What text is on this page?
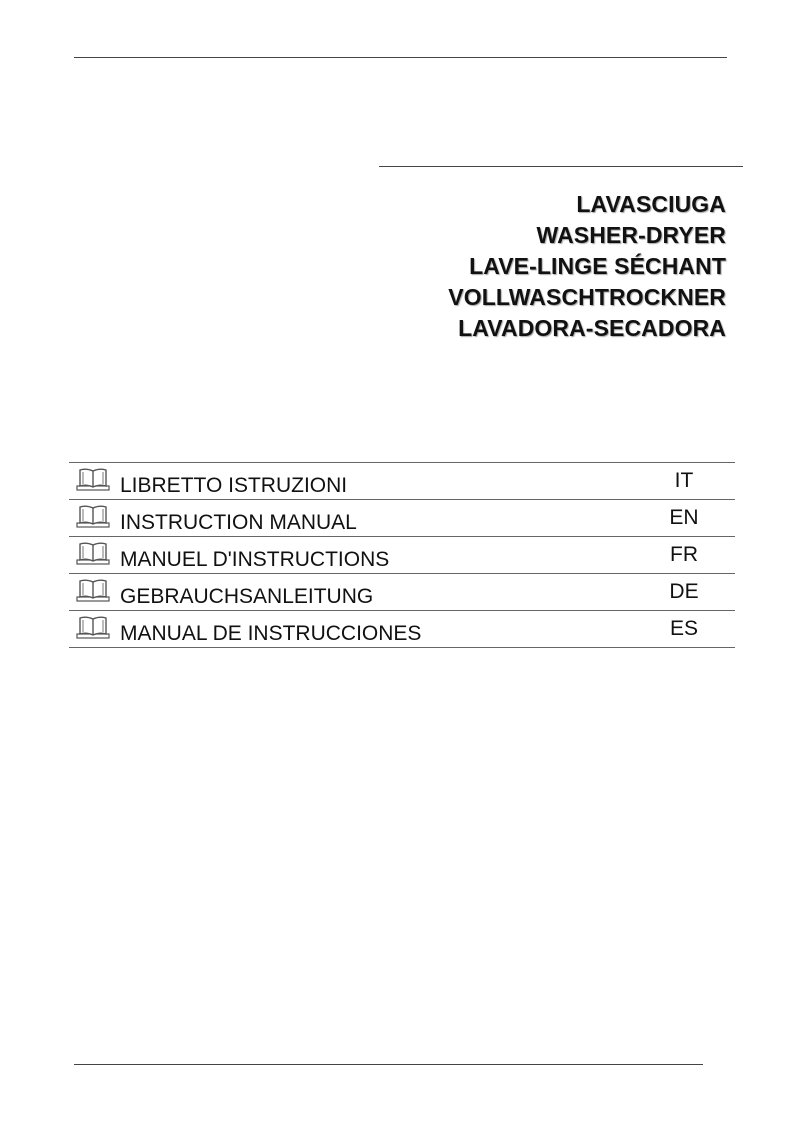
LAVASCIUGA
WASHER-DRYER
LAVE-LINGE SÉCHANT
VOLLWASCHTROCKNER
LAVADORA-SECADORA
LIBRETTO ISTRUZIONI	IT
INSTRUCTION MANUAL	EN
MANUEL D'INSTRUCTIONS	FR
GEBRAUCHSANLEITUNG	DE
MANUAL DE INSTRUCCIONES	ES
